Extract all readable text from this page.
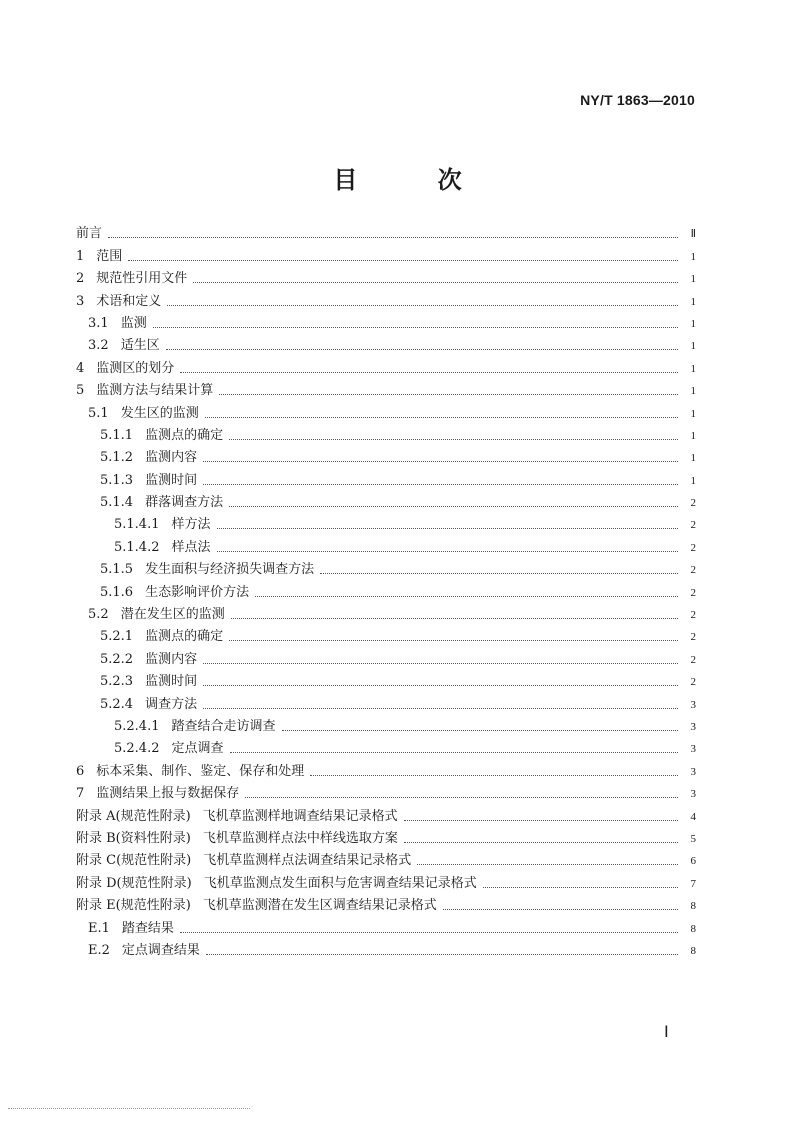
NY/T 1863—2010
目 次
前言	Ⅱ
1 范围	1
2 规范性引用文件	1
3 术语和定义	1
3.1 监测	1
3.2 适生区	1
4 监测区的划分	1
5 监测方法与结果计算	1
5.1 发生区的监测	1
5.1.1 监测点的确定	1
5.1.2 监测内容	1
5.1.3 监测时间	1
5.1.4 群落调查方法	2
5.1.4.1 样方法	2
5.1.4.2 样点法	2
5.1.5 发生面积与经济损失调查方法	2
5.1.6 生态影响评价方法	2
5.2 潜在发生区的监测	2
5.2.1 监测点的确定	2
5.2.2 监测内容	2
5.2.3 监测时间	2
5.2.4 调查方法	3
5.2.4.1 踏查结合走访调查	3
5.2.4.2 定点调查	3
6 标本采集、制作、鉴定、保存和处理	3
7 监测结果上报与数据保存	3
附录 A(规范性附录) 飞机草监测样地调查结果记录格式	4
附录 B(资料性附录) 飞机草监测样点法中样线选取方案	5
附录 C(规范性附录) 飞机草监测样点法调查结果记录格式	6
附录 D(规范性附录) 飞机草监测点发生面积与危害调查结果记录格式	7
附录 E(规范性附录) 飞机草监测潜在发生区调查结果记录格式	8
E.1 踏查结果	8
E.2 定点调查结果	8
Ⅰ
